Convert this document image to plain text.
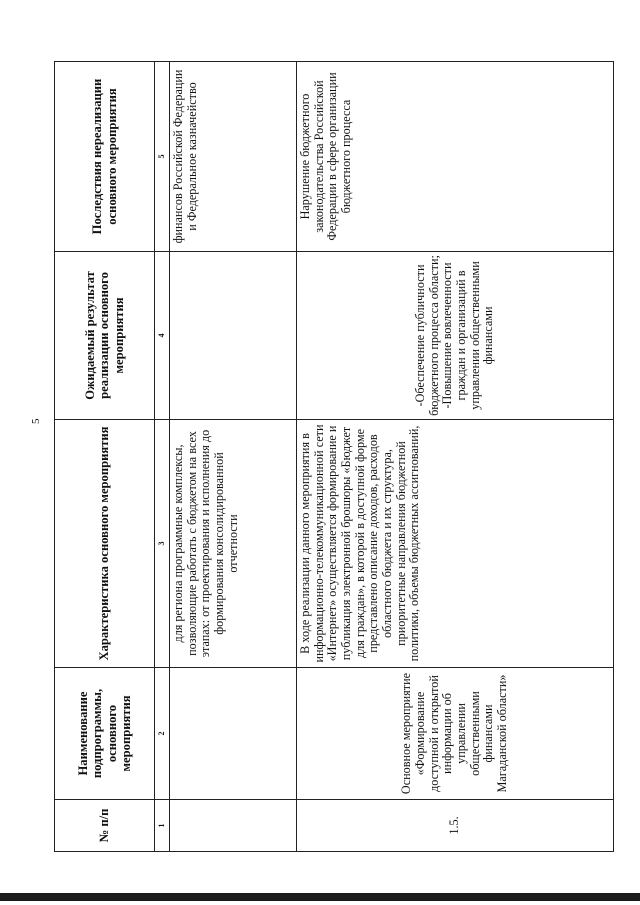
5
№ п/п	Наименование подпрограммы, основного мероприятия	Характеристика основного мероприятия	Ожидаемый результат реализации основного мероприятия	Последствия нереализации основного мероприятия
1	2	3	4	5
		для региона программные комплексы, позволяющие работать с бюджетом на всех этапах: от проектирования и исполнения до формирования консолидированной отчетности		финансов Российской Федерации и Федеральное казначейство
1.5.	Основное мероприятие «Формирование доступной и открытой информации об управлении общественными финансами Магаданской области»	В ходе реализации данного мероприятия в информационно-телекоммуникационной сети «Интернет» осуществляется формирование и публикация электронной брошюры «Бюджет для граждан», в которой в доступной форме представлено описание доходов, расходов областного бюджета и их структура, приоритетные направления бюджетной политики, объемы бюджетных ассигнований,	-Обеспечение публичности бюджетного процесса области; -Повышение вовлеченности граждан и организаций в управлении общественными финансами	Нарушение бюджетного законодательства Российской Федерации в сфере организации бюджетного процесса
